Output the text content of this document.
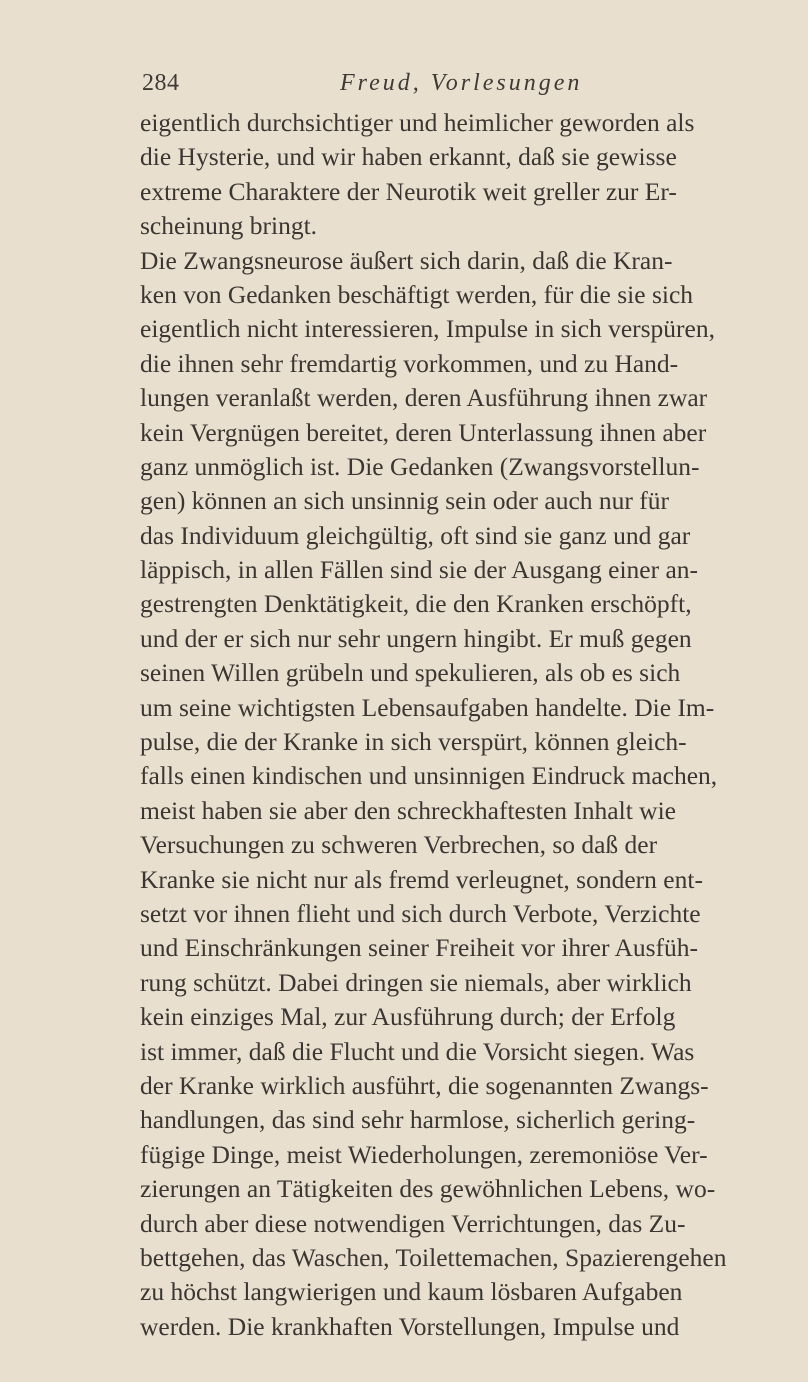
284	Freud, Vorlesungen
eigentlich durchsichtiger und heimlicher geworden als
die Hysterie, und wir haben erkannt, daß sie gewisse
extreme Charaktere der Neurotik weit greller zur Er-
scheinung bringt.
Die Zwangsneurose äußert sich darin, daß die Kran-
ken von Gedanken beschäftigt werden, für die sie sich
eigentlich nicht interessieren, Impulse in sich verspüren,
die ihnen sehr fremdartig vorkommen, und zu Hand-
lungen veranlaßt werden, deren Ausführung ihnen zwar
kein Vergnügen bereitet, deren Unterlassung ihnen aber
ganz unmöglich ist. Die Gedanken (Zwangsvorstellun-
gen) können an sich unsinnig sein oder auch nur für
das Individuum gleichgültig, oft sind sie ganz und gar
läppisch, in allen Fällen sind sie der Ausgang einer an-
gestrengten Denktätigkeit, die den Kranken erschöpft,
und der er sich nur sehr ungern hingibt. Er muß gegen
seinen Willen grübeln und spekulieren, als ob es sich
um seine wichtigsten Lebensaufgaben handelte. Die Im-
pulse, die der Kranke in sich verspürt, können gleich-
falls einen kindischen und unsinnigen Eindruck machen,
meist haben sie aber den schreckhaftesten Inhalt wie
Versuchungen zu schweren Verbrechen, so daß der
Kranke sie nicht nur als fremd verleugnet, sondern ent-
setzt vor ihnen flieht und sich durch Verbote, Verzichte
und Einschränkungen seiner Freiheit vor ihrer Ausfüh-
rung schützt. Dabei dringen sie niemals, aber wirklich
kein einziges Mal, zur Ausführung durch; der Erfolg
ist immer, daß die Flucht und die Vorsicht siegen. Was
der Kranke wirklich ausführt, die sogenannten Zwangs-
handlungen, das sind sehr harmlose, sicherlich gering-
fügige Dinge, meist Wiederholungen, zeremoniöse Ver-
zierungen an Tätigkeiten des gewöhnlichen Lebens, wo-
durch aber diese notwendigen Verrichtungen, das Zu-
bettgehen, das Waschen, Toilettemachen, Spazierengehen
zu höchst langwierigen und kaum lösbaren Aufgaben
werden. Die krankhaften Vorstellungen, Impulse und
